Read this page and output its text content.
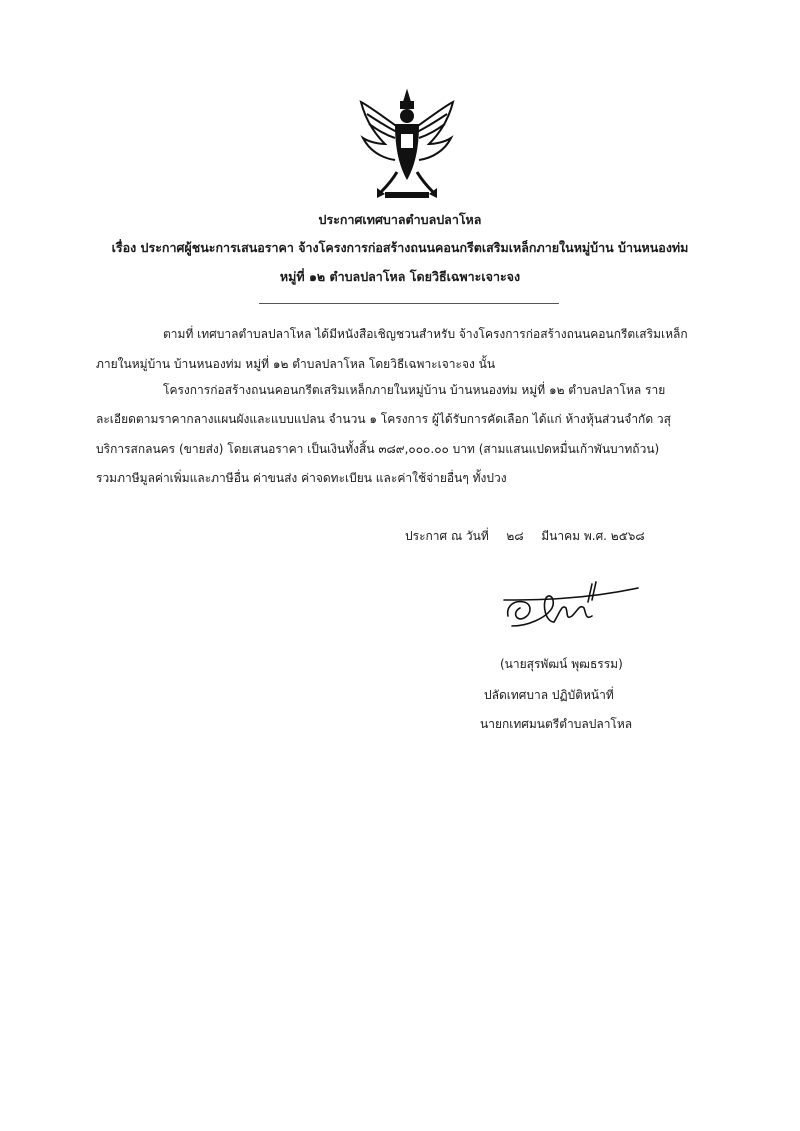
ประกาศเทศบาลตำบลปลาโหล
เรื่อง ประกาศผู้ชนะการเสนอราคา จ้างโครงการก่อสร้างถนนคอนกรีตเสริมเหล็กภายในหมู่บ้าน บ้านหนองท่ม
หมู่ที่ ๑๒ ตำบลปลาโหล โดยวิธีเฉพาะเจาะจง
ตามที่ เทศบาลตำบลปลาโหล ได้มีหนังสือเชิญชวนสำหรับ จ้างโครงการก่อสร้างถนนคอนกรีตเสริมเหล็ก
ภายในหมู่บ้าน บ้านหนองท่ม หมู่ที่ ๑๒ ตำบลปลาโหล โดยวิธีเฉพาะเจาะจง นั้น
โครงการก่อสร้างถนนคอนกรีตเสริมเหล็กภายในหมู่บ้าน บ้านหนองท่ม หมู่ที่ ๑๒ ตำบลปลาโหล ราย
ละเอียดตามราคากลางแผนผังและแบบแปลน จำนวน ๑ โครงการ ผู้ได้รับการคัดเลือก ได้แก่ ห้างหุ้นส่วนจำกัด วสุ
บริการสกลนคร (ขายส่ง) โดยเสนอราคา เป็นเงินทั้งสิ้น ๓๘๙,๐๐๐.๐๐ บาท (สามแสนแปดหมื่นเก้าพันบาทถ้วน)
รวมภาษีมูลค่าเพิ่มและภาษีอื่น ค่าขนส่ง ค่าจดทะเบียน และค่าใช้จ่ายอื่นๆ ทั้งปวง
ประกาศ ณ วันที่ ๒๘ มีนาคม พ.ศ. ๒๕๖๘
(นายสุรพัฒน์ พุฒธรรม)
ปลัดเทศบาล ปฏิบัติหน้าที่
นายกเทศมนตรีตำบลปลาโหล
